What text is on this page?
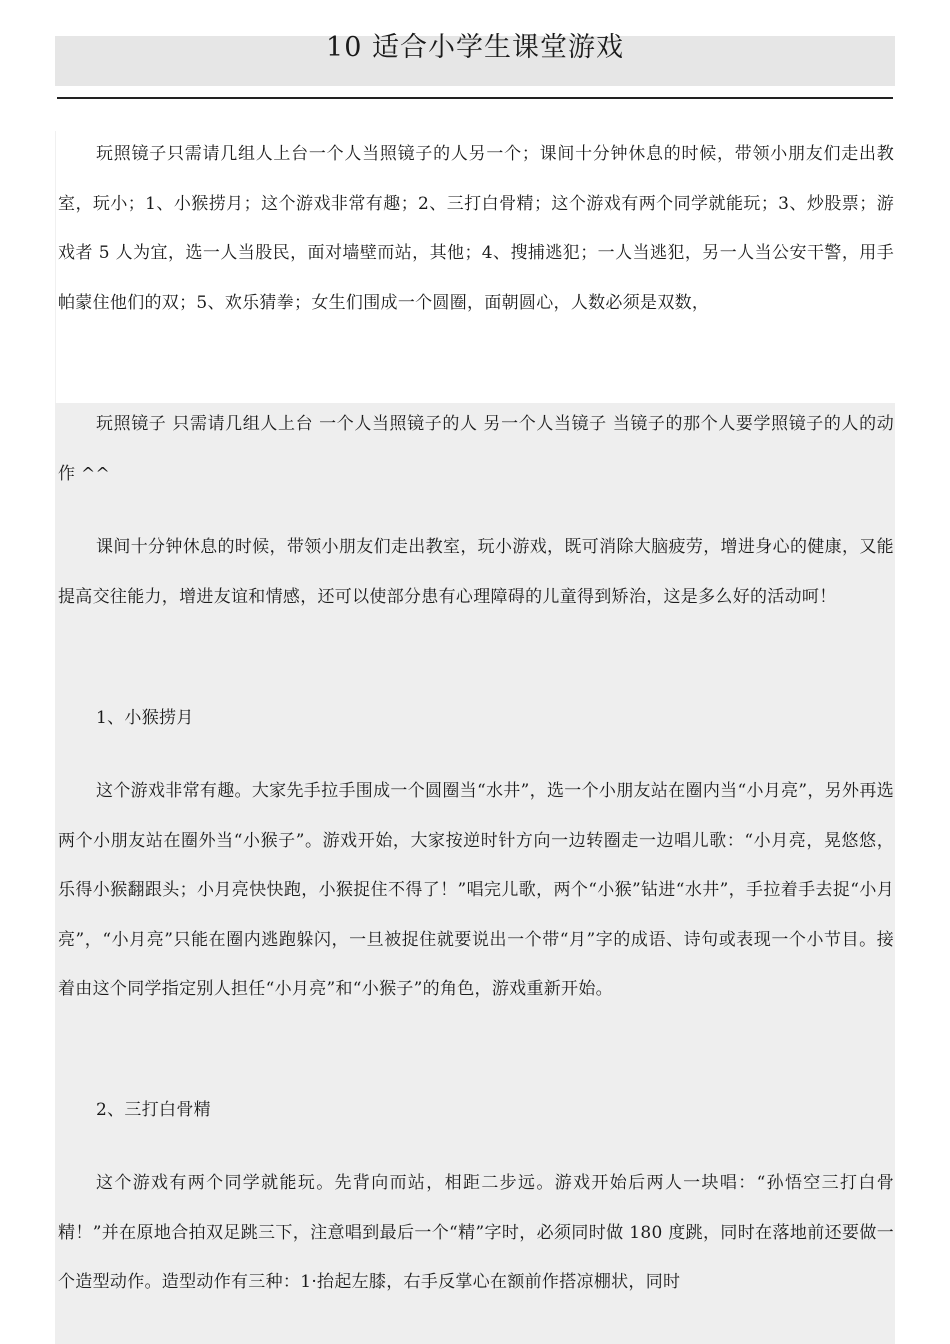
10 适合小学生课堂游戏

玩照镜子只需请几组人上台一个人当照镜子的人另一个；课间十分钟休息的时候，带领小朋友们走出教室，玩小；1、小猴捞月；这个游戏非常有趣；2、三打白骨精；这个游戏有两个同学就能玩；3、炒股票；游戏者 5 人为宜，选一人当股民，面对墙壁而站，其他；4、搜捕逃犯；一人当逃犯，另一人当公安干警，用手帕蒙住他们的双；5、欢乐猜拳；女生们围成一个圆圈，面朝圆心，人数必须是双数，

玩照镜子 只需请几组人上台 一个人当照镜子的人 另一个人当镜子 当镜子的那个人要学照镜子的人的动作 ^^

课间十分钟休息的时候，带领小朋友们走出教室，玩小游戏，既可消除大脑疲劳，增进身心的健康，又能提高交往能力，增进友谊和情感，还可以使部分患有心理障碍的儿童得到矫治，这是多么好的活动呵！

1、小猴捞月

这个游戏非常有趣。大家先手拉手围成一个圆圈当“水井”，选一个小朋友站在圈内当“小月亮”，另外再选两个小朋友站在圈外当“小猴子”。游戏开始，大家按逆时针方向一边转圈走一边唱儿歌：“小月亮，晃悠悠，乐得小猴翻跟头；小月亮快快跑，小猴捉住不得了！”唱完儿歌，两个“小猴”钻进“水井”，手拉着手去捉“小月亮”，“小月亮”只能在圈内逃跑躲闪，一旦被捉住就要说出一个带“月”字的成语、诗句或表现一个小节目。接着由这个同学指定别人担任“小月亮”和“小猴子”的角色，游戏重新开始。

2、三打白骨精

这个游戏有两个同学就能玩。先背向而站，相距二步远。游戏开始后两人一块唱：“孙悟空三打白骨精！”并在原地合拍双足跳三下，注意唱到最后一个“精”字时，必须同时做 180 度跳，同时在落地前还要做一个造型动作。造型动作有三种：1·抬起左膝，右手反掌心在额前作搭凉棚状，同时
